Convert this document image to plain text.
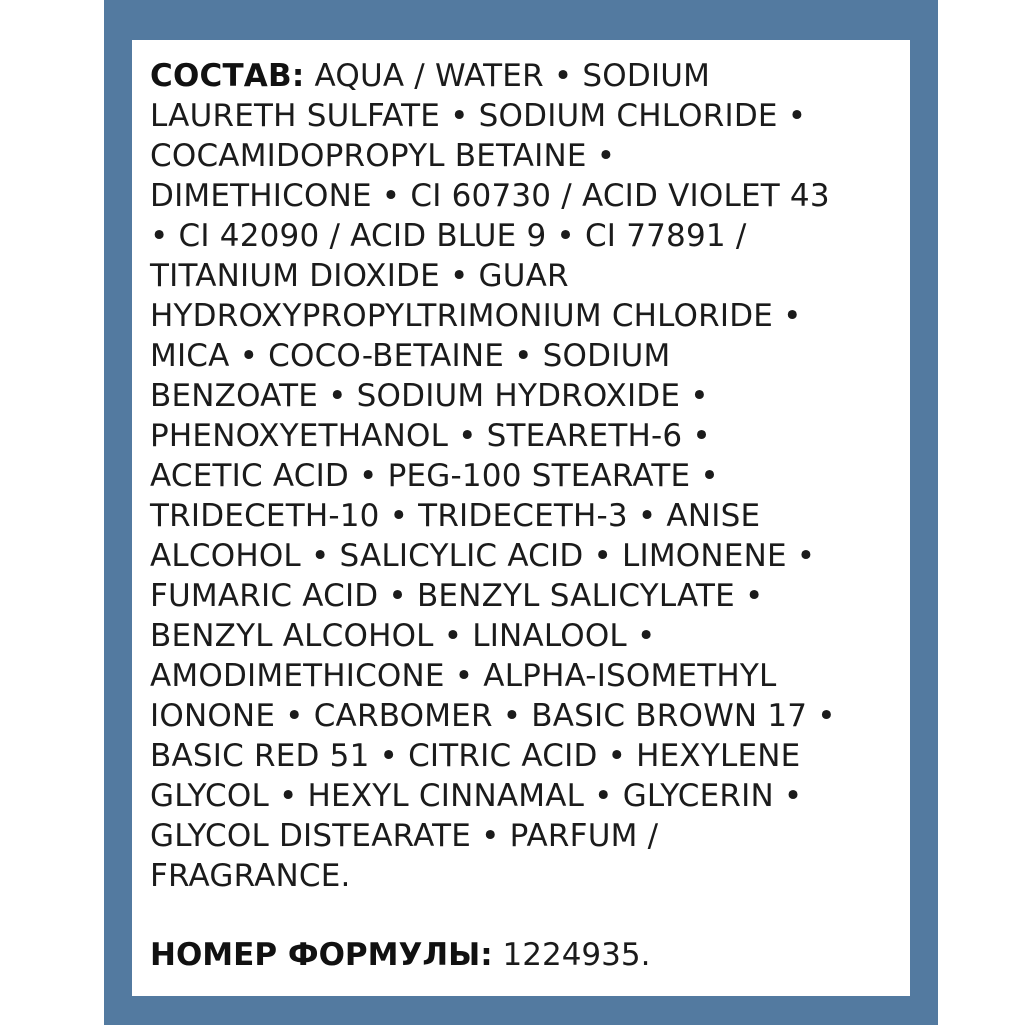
СОСТАВ: AQUA / WATER • SODIUM
LAURETH SULFATE • SODIUM CHLORIDE •
COCAMIDOPROPYL BETAINE •
DIMETHICONE • CI 60730 / ACID VIOLET 43
• CI 42090 / ACID BLUE 9 • CI 77891 /
TITANIUM DIOXIDE • GUAR
HYDROXYPROPYLTRIMONIUM CHLORIDE •
MICA • COCO-BETAINE • SODIUM
BENZOATE • SODIUM HYDROXIDE •
PHENOXYETHANOL • STEARETH-6 •
ACETIC ACID • PEG-100 STEARATE •
TRIDECETH-10 • TRIDECETH-3 • ANISE
ALCOHOL • SALICYLIC ACID • LIMONENE •
FUMARIC ACID • BENZYL SALICYLATE •
BENZYL ALCOHOL • LINALOOL •
AMODIMETHICONE • ALPHA-ISOMETHYL
IONONE • CARBOMER • BASIC BROWN 17 •
BASIC RED 51 • CITRIC ACID • HEXYLENE
GLYCOL • HEXYL CINNAMAL • GLYCERIN •
GLYCOL DISTEARATE • PARFUM /
FRAGRANCE.

НОМЕР ФОРМУЛЫ: 1224935.
